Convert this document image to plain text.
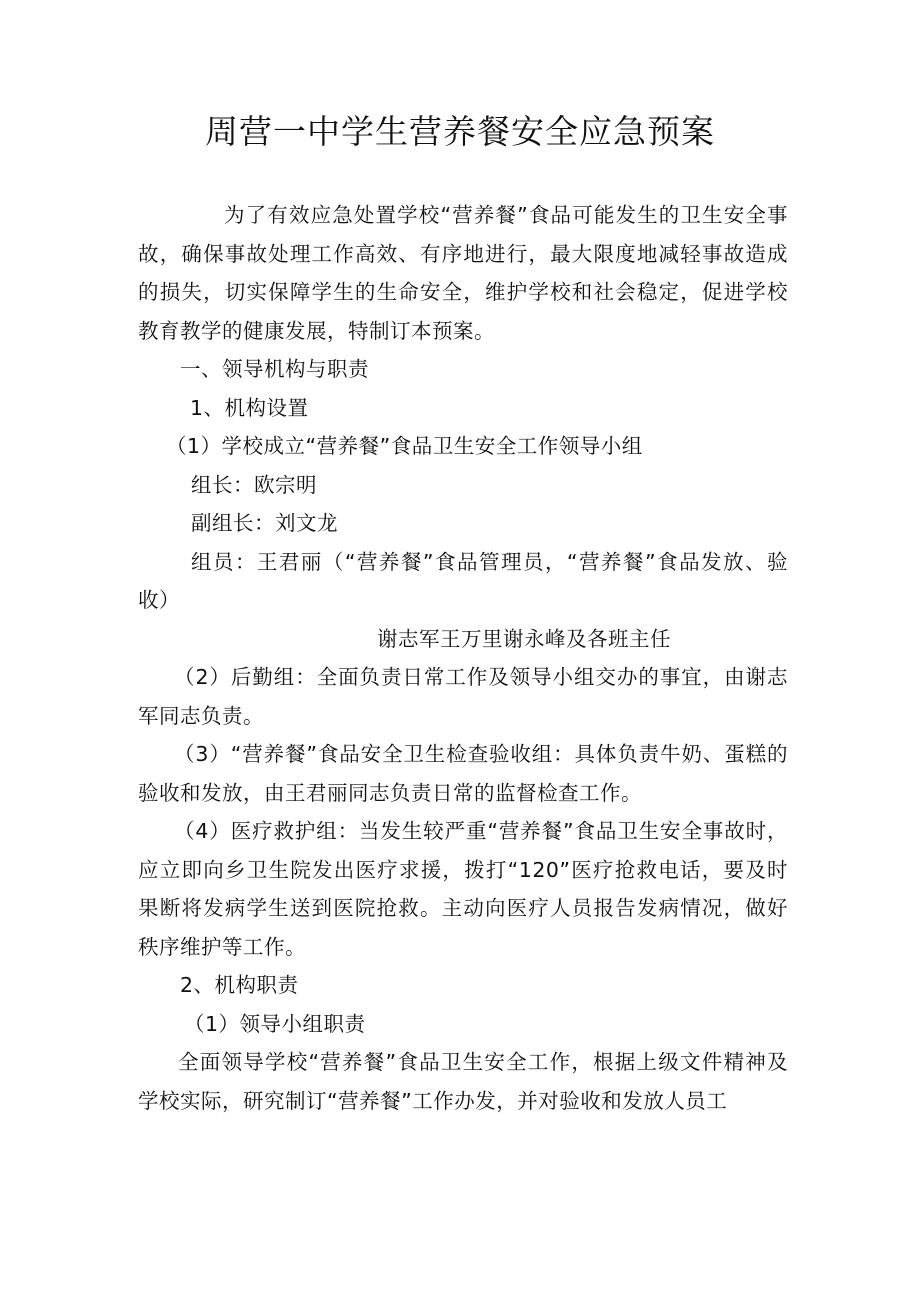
周营一中学生营养餐安全应急预案

为了有效应急处置学校“营养餐”食品可能发生的卫生安全事故，确保事故处理工作高效、有序地进行，最大限度地减轻事故造成的损失，切实保障学生的生命安全，维护学校和社会稳定，促进学校教育教学的健康发展，特制订本预案。

一、领导机构与职责

1、机构设置

（1）学校成立“营养餐”食品卫生安全工作领导小组

组长：欧宗明

副组长：刘文龙

组员：王君丽（“营养餐”食品管理员，“营养餐”食品发放、验收）

谢志军王万里谢永峰及各班主任

（2）后勤组：全面负责日常工作及领导小组交办的事宜，由谢志军同志负责。

（3）“营养餐”食品安全卫生检查验收组：具体负责牛奶、蛋糕的验收和发放，由王君丽同志负责日常的监督检查工作。

（4）医疗救护组：当发生较严重“营养餐”食品卫生安全事故时，应立即向乡卫生院发出医疗求援，拨打“120”医疗抢救电话，要及时果断将发病学生送到医院抢救。主动向医疗人员报告发病情况，做好秩序维护等工作。

2、机构职责

（1）领导小组职责

全面领导学校“营养餐”食品卫生安全工作，根据上级文件精神及学校实际，研究制订“营养餐”工作办发，并对验收和发放人员工
